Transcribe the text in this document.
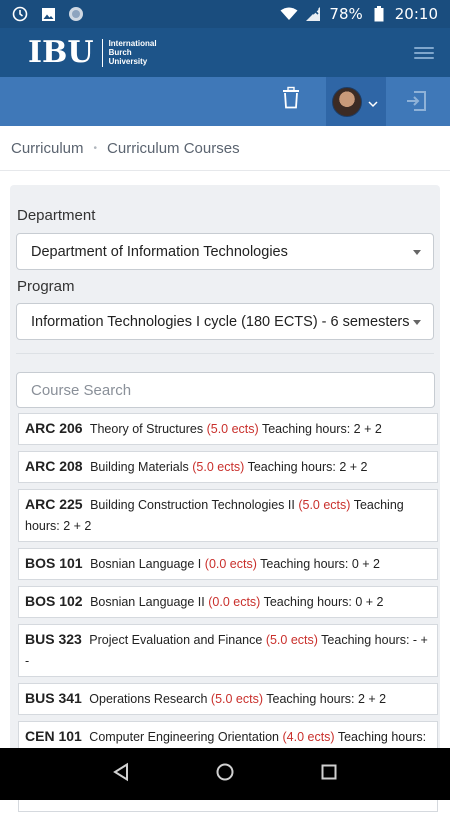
78% 20:10
IBU International
Burch
University
Curriculum • Curriculum Courses
Department
Department of Information Technologies
Program
Information Technologies I cycle (180 ECTS) - 6 semesters
Course Search
ARC 206 Theory of Structures (5.0 ects) Teaching hours: 2 + 2
ARC 208 Building Materials (5.0 ects) Teaching hours: 2 + 2
ARC 225 Building Construction Technologies II (5.0 ects) Teaching hours: 2 + 2
BOS 101 Bosnian Language I (0.0 ects) Teaching hours: 0 + 2
BOS 102 Bosnian Language II (0.0 ects) Teaching hours: 0 + 2
BUS 323 Project Evaluation and Finance (5.0 ects) Teaching hours: - + -
BUS 341 Operations Research (5.0 ects) Teaching hours: 2 + 2
CEN 101 Computer Engineering Orientation (4.0 ects) Teaching hours:
